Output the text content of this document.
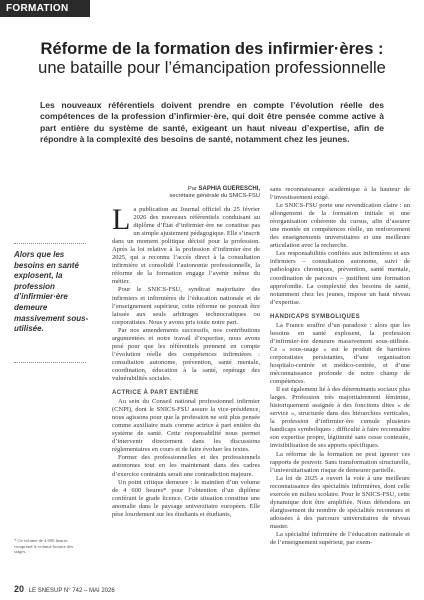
FORMATION
Réforme de la formation des infirmier·ères :
une bataille pour l’émancipation professionnelle
Les nouveaux référentiels doivent prendre en compte l’évolution réelle des compétences de la profession d’infirmier·ère, qui doit être pensée comme active à part entière du système de santé, exigeant un haut niveau d’expertise, afin de répondre à la complexité des besoins de santé, notamment chez les jeunes.
Alors que les besoins en santé explosent, la profession d’infirmier·ère demeure massivement sous-utilisée.
* Ce volume de 4 600 heures comprend le volume horaire des stages.
Par SAPHIA GUERESCHI,
secrétaire générale du SNICS-FSU

La publication au Journal officiel du 25 février 2026 des nouveaux référentiels conduisant au diplôme d’État d’infirmier·ère ne constitue pas un simple ajustement pédagogique. Elle s’inscrit dans un moment politique décisif pour la profession. Après la loi relative à la profession d’infirmier·ère de 2025, qui a reconnu l’accès direct à la consultation infirmière et consolidé l’autonomie professionnelle, la réforme de la formation engage l’avenir même du métier.

Pour le SNICS-FSU, syndicat majoritaire des infirmiers et infirmières de l’éducation nationale et de l’enseignement supérieur, cette réforme ne pouvait être laissée aux seuls arbitrages technocratiques ou corporatistes. Nous y avons pris toute notre part.

Par nos amendements successifs, nos contributions argumentées et notre travail d’expertise, nous avons pesé pour que les référentiels prennent en compte l’évolution réelle des compétences infirmières : consultation autonome, prévention, santé mentale, coordination, éducation à la santé, repérage des vulnérabilités sociales.

ACTRICE À PART ENTIÈRE

Au sein du Conseil national professionnel infirmier (CNPI), dont le SNICS-FSU assure la vice-présidence, nous agissons pour que la profession ne soit plus pensée comme auxiliaire mais comme actrice à part entière du système de santé. Cette responsabilité nous permet d’intervenir directement dans les discussions réglementaires en cours et de faire évoluer les textes.

Former des professionnelles et des professionnels autonomes tout en les maintenant dans des cadres d’exercice contraints serait une contradiction majeure.

Un point critique demeure : le maintien d’un volume de 4 600 heures* pour l’obtention d’un diplôme conférant le grade licence. Cette situation constitue une anomalie dans le paysage universitaire européen. Elle pèse lourdement sur les étudiants et étudiants,

sans reconnaissance académique à la hauteur de l’investissement exigé.

Le SNICS-FSU porte une revendication claire : un allongement de la formation initiale et une réorganisation cohérente du cursus, afin d’assurer une montée en compétences réelle, un renforcement des enseignements universitaires et une meilleure articulation avec la recherche.

Les responsabilités confiées aux infirmières et aux infirmiers – consultation autonome, suivi de pathologies chroniques, prévention, santé mentale, coordination de parcours – justifient une formation approfondie. La complexité des besoins de santé, notamment chez les jeunes, impose un haut niveau d’expertise.

HANDICAPS SYMBOLIQUES

La France souffre d’un paradoxe : alors que les besoins en santé explosent, la profession d’infirmier·ère demeure massivement sous-utilisée. Ce « sous-usage » est le produit de barrières corporatistes persistantes, d’une organisation hospitalo-centrée et médico-centrée, et d’une méconnaissance profonde de notre champ de compétences.

Il est également lié à des déterminants sociaux plus larges. Profession très majoritairement féminine, historiquement assignée à des fonctions dites « de service », structurée dans des hiérarchies verticales, la profession d’infirmier·ère cumule plusieurs handicaps symboliques : difficulté à faire reconnaître son expertise propre, légitimité sans cesse contestée, invisibilisation de ses apports spécifiques.

La réforme de la formation ne peut ignorer ces rapports de pouvoir. Sans transformation structurelle, l’universitarisation risque de demeurer partielle.

La loi de 2025 a ouvert la voie à une meilleure reconnaissance des spécialités infirmières, dont celle exercée en milieu scolaire. Pour le SNICS-FSU, cette dynamique doit être amplifiée. Nous défendons un élargissement du nombre de spécialités reconnues et adossées à des parcours universitaires de niveau master.

La spécialité infirmière de l’éducation nationale et de l’enseignement supérieur, par exem-

20 LE SNESUP N° 742 – MAI 2026
